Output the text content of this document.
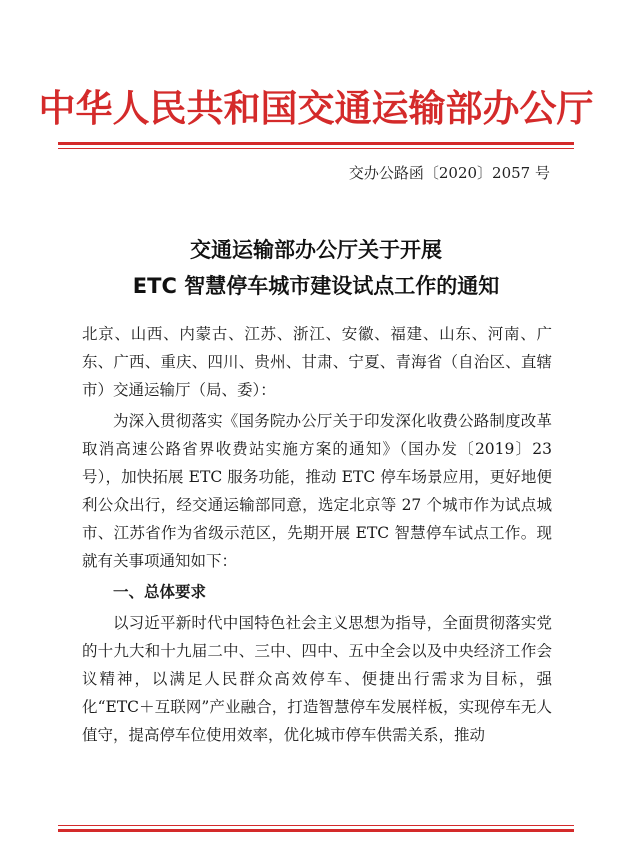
中华人民共和国交通运输部办公厅
交办公路函〔2020〕2057 号
交通运输部办公厅关于开展
ETC 智慧停车城市建设试点工作的通知

北京、山西、内蒙古、江苏、浙江、安徽、福建、山东、河南、广东、广西、重庆、四川、贵州、甘肃、宁夏、青海省（自治区、直辖市）交通运输厅（局、委）：

为深入贯彻落实《国务院办公厅关于印发深化收费公路制度改革取消高速公路省界收费站实施方案的通知》（国办发〔2019〕23号），加快拓展 ETC 服务功能，推动 ETC 停车场景应用，更好地便利公众出行，经交通运输部同意，选定北京等 27 个城市作为试点城市、江苏省作为省级示范区，先期开展 ETC 智慧停车试点工作。现就有关事项通知如下：

一、总体要求

以习近平新时代中国特色社会主义思想为指导，全面贯彻落实党的十九大和十九届二中、三中、四中、五中全会以及中央经济工作会议精神，以满足人民群众高效停车、便捷出行需求为目标，强化“ETC＋互联网”产业融合，打造智慧停车发展样板，实现停车无人值守，提高停车位使用效率，优化城市停车供需关系，推动
